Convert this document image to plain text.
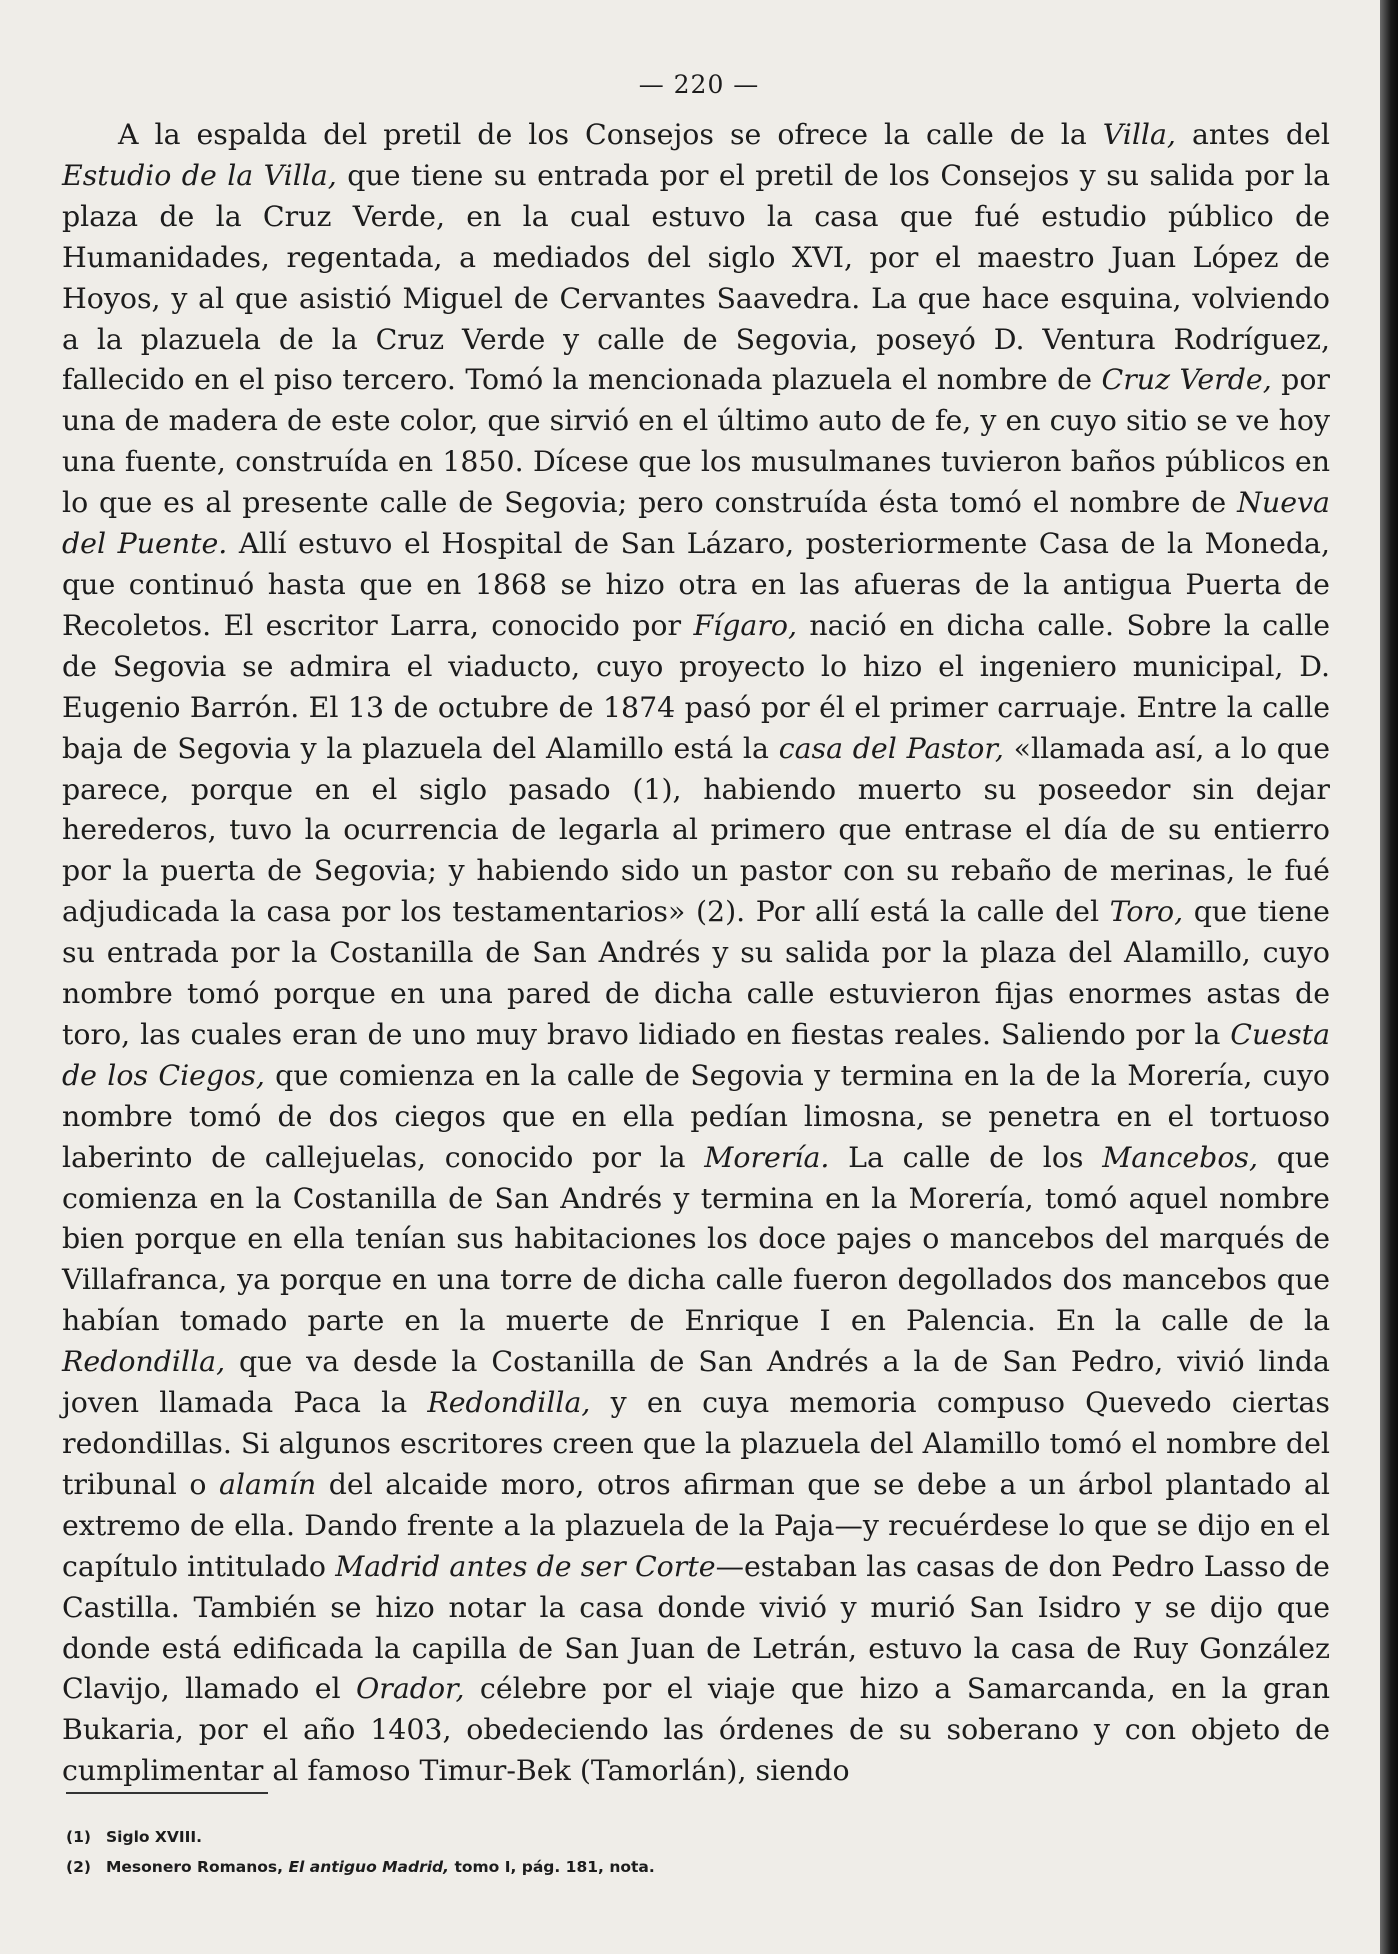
— 220 —

A la espalda del pretil de los Consejos se ofrece la calle de la Villa, antes del Estudio de la Villa, que tiene su entrada por el pretil de los Consejos y su salida por la plaza de la Cruz Verde, en la cual estuvo la casa que fué estudio público de Humanidades, regentada, a mediados del siglo XVI, por el maestro Juan López de Hoyos, y al que asistió Miguel de Cervantes Saavedra. La que hace esquina, volviendo a la plazuela de la Cruz Verde y calle de Segovia, poseyó D. Ventura Rodríguez, fallecido en el piso tercero. Tomó la mencionada plazuela el nombre de Cruz Verde, por una de madera de este color, que sirvió en el último auto de fe, y en cuyo sitio se ve hoy una fuente, construída en 1850. Dícese que los musulmanes tuvieron baños públicos en lo que es al presente calle de Segovia; pero construída ésta tomó el nombre de Nueva del Puente. Allí estuvo el Hospital de San Lázaro, posteriormente Casa de la Moneda, que continuó hasta que en 1868 se hizo otra en las afueras de la antigua Puerta de Recoletos. El escritor Larra, conocido por Fígaro, nació en dicha calle. Sobre la calle de Segovia se admira el viaducto, cuyo proyecto lo hizo el ingeniero municipal, D. Eugenio Barrón. El 13 de octubre de 1874 pasó por él el primer carruaje. Entre la calle baja de Segovia y la plazuela del Alamillo está la casa del Pastor, «llamada así, a lo que parece, porque en el siglo pasado (1), habiendo muerto su poseedor sin dejar herederos, tuvo la ocurrencia de legarla al primero que entrase el día de su entierro por la puerta de Segovia; y habiendo sido un pastor con su rebaño de merinas, le fué adjudicada la casa por los testamentarios» (2). Por allí está la calle del Toro, que tiene su entrada por la Costanilla de San Andrés y su salida por la plaza del Alamillo, cuyo nombre tomó porque en una pared de dicha calle estuvieron fijas enormes astas de toro, las cuales eran de uno muy bravo lidiado en fiestas reales. Saliendo por la Cuesta de los Ciegos, que comienza en la calle de Segovia y termina en la de la Morería, cuyo nombre tomó de dos ciegos que en ella pedían limosna, se penetra en el tortuoso laberinto de callejuelas, conocido por la Morería. La calle de los Mancebos, que comienza en la Costanilla de San Andrés y termina en la Morería, tomó aquel nombre bien porque en ella tenían sus habitaciones los doce pajes o mancebos del marqués de Villafranca, ya porque en una torre de dicha calle fueron degollados dos mancebos que habían tomado parte en la muerte de Enrique I en Palencia. En la calle de la Redondilla, que va desde la Costanilla de San Andrés a la de San Pedro, vivió linda joven llamada Paca la Redondilla, y en cuya memoria compuso Quevedo ciertas redondillas. Si algunos escritores creen que la plazuela del Alamillo tomó el nombre del tribunal o alamín del alcaide moro, otros afirman que se debe a un árbol plantado al extremo de ella. Dando frente a la plazuela de la Paja—y recuérdese lo que se dijo en el capítulo intitulado Madrid antes de ser Corte—estaban las casas de don Pedro Lasso de Castilla. También se hizo notar la casa donde vivió y murió San Isidro y se dijo que donde está edificada la capilla de San Juan de Letrán, estuvo la casa de Ruy González Clavijo, llamado el Orador, célebre por el viaje que hizo a Samarcanda, en la gran Bukaria, por el año 1403, obedeciendo las órdenes de su soberano y con objeto de cumplimentar al famoso Timur-Bek (Tamorlán), siendo

(1) Siglo XVIII.
(2) Mesonero Romanos, El antiguo Madrid, tomo I, pág. 181, nota.
